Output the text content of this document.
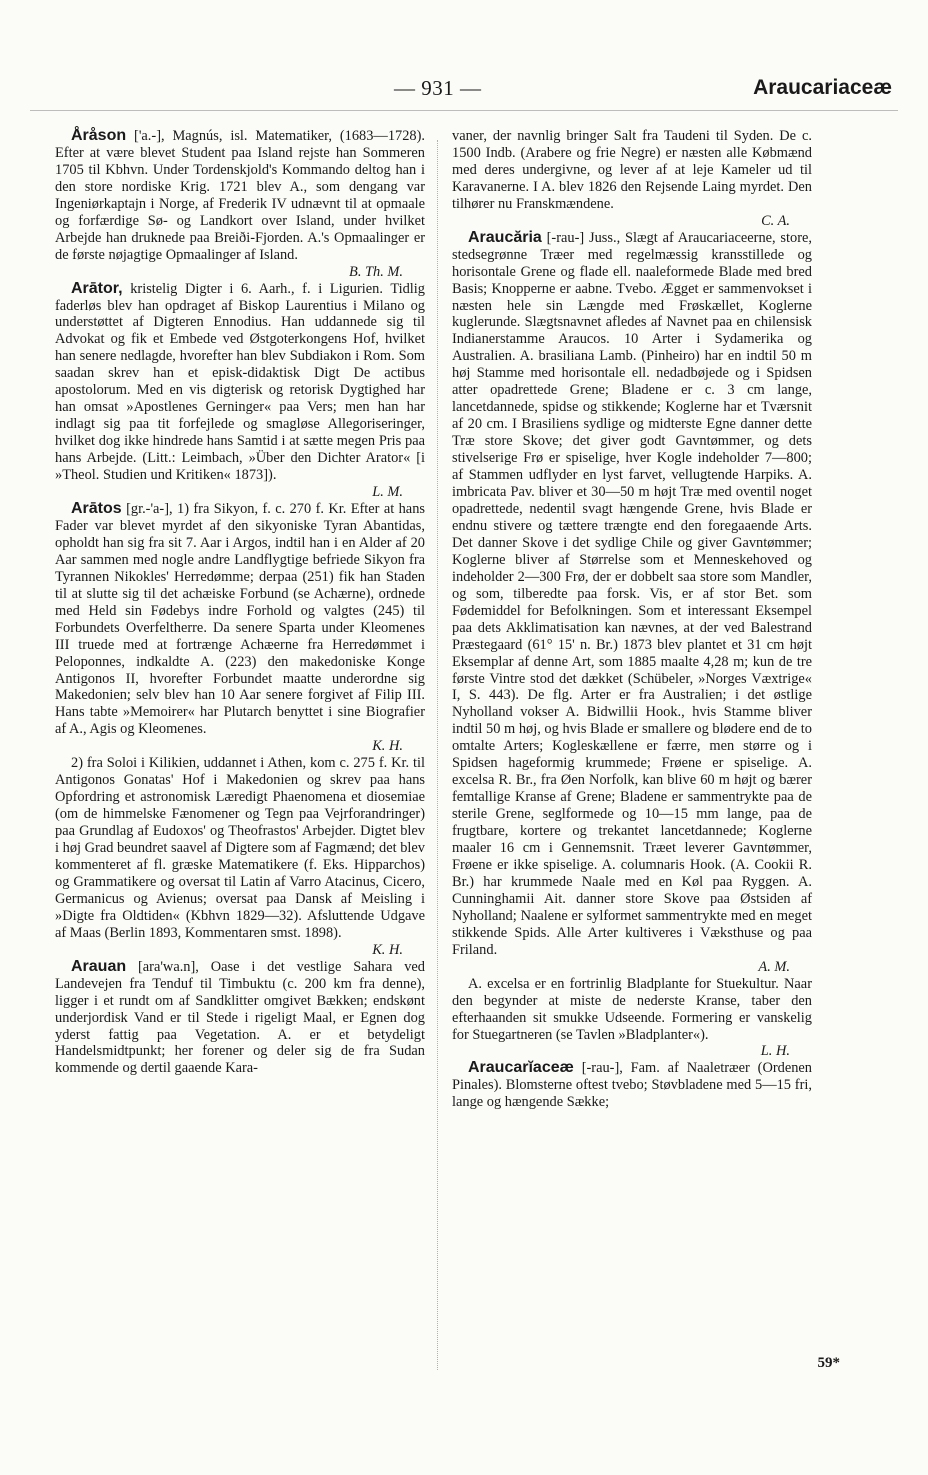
— 931 —	Araucariaceæ

Åråson ['a.-], Magnús, isl. Matematiker, (1683—1728). Efter at være blevet Student paa Island rejste han Sommeren 1705 til Kbhvn. Under Tordenskjold's Kommando deltog han i den store nordiske Krig. 1721 blev A., som dengang var Ingeniørkaptajn i Norge, af Frederik IV udnævnt til at opmaale og forfærdige Sø- og Landkort over Island, under hvilket Arbejde han druknede paa Breiði-Fjorden. A.'s Opmaalinger er de første nøjagtige Opmaalinger af Island.
B. Th. M.

Arātor, kristelig Digter i 6. Aarh., f. i Ligurien. Tidlig faderløs blev han opdraget af Biskop Laurentius i Milano og understøttet af Digteren Ennodius. Han uddannede sig til Advokat og fik et Embede ved Østgoterkongens Hof, hvilket han senere nedlagde, hvorefter han blev Subdiakon i Rom. Som saadan skrev han et episk-didaktisk Digt De actibus apostolorum. Med en vis digterisk og retorisk Dygtighed har han omsat »Apostlenes Gerninger« paa Vers; men han har indlagt sig paa tit forfejlede og smagløse Allegoriseringer, hvilket dog ikke hindrede hans Samtid i at sætte megen Pris paa hans Arbejde. (Litt.: Leimbach, »Über den Dichter Arator« [i »Theol. Studien und Kritiken« 1873]).
L. M.

Arātos [gr.-'a-], 1) fra Sikyon, f. c. 270 f. Kr. Efter at hans Fader var blevet myrdet af den sikyoniske Tyran Abantidas, opholdt han sig fra sit 7. Aar i Argos, indtil han i en Alder af 20 Aar sammen med nogle andre Landflygtige befriede Sikyon fra Tyrannen Nikokles' Herredømme; derpaa (251) fik han Staden til at slutte sig til det achæiske Forbund (se Achærne), ordnede med Held sin Fødebys indre Forhold og valgtes (245) til Forbundets Overfeltherre. Da senere Sparta under Kleomenes III truede med at fortrænge Achæerne fra Herredømmet i Peloponnes, indkaldte A. (223) den makedoniske Konge Antigonos II, hvorefter Forbundet maatte underordne sig Makedonien; selv blev han 10 Aar senere forgivet af Filip III. Hans tabte »Memoirer« har Plutarch benyttet i sine Biografier af A., Agis og Kleomenes.
K. H.

2) fra Soloi i Kilikien, uddannet i Athen, kom c. 275 f. Kr. til Antigonos Gonatas' Hof i Makedonien og skrev paa hans Opfordring et astronomisk Læredigt Phaenomena et diosemiae (om de himmelske Fænomener og Tegn paa Vejrforandringer) paa Grundlag af Eudoxos' og Theofrastos' Arbejder. Digtet blev i høj Grad beundret saavel af Digtere som af Fagmænd; det blev kommenteret af fl. græske Matematikere (f. Eks. Hipparchos) og Grammatikere og oversat til Latin af Varro Atacinus, Cicero, Germanicus og Avienus; oversat paa Dansk af Meisling i »Digte fra Oldtiden« (Kbhvn 1829—32). Afsluttende Udgave af Maas (Berlin 1893, Kommentaren smst. 1898).
K. H.

Arauan [ara'wa.n], Oase i det vestlige Sahara ved Landevejen fra Tenduf til Timbuktu (c. 200 km fra denne), ligger i et rundt om af Sandklitter omgivet Bækken; endskønt underjordisk Vand er til Stede i rigeligt Maal, er Egnen dog yderst fattig paa Vegetation. A. er et betydeligt Handelsmidtpunkt; her forener og deler sig de fra Sudan kommende og dertil gaaende Kara-

vaner, der navnlig bringer Salt fra Taudeni til Syden. De c. 1500 Indb. (Arabere og frie Negre) er næsten alle Købmænd med deres undergivne, og lever af at leje Kameler ud til Karavanerne. I A. blev 1826 den Rejsende Laing myrdet. Den tilhører nu Franskmændene.
C. A.

Araucăria [-rau-] Juss., Slægt af Araucariaceerne, store, stedsegrønne Træer med regelmæssig kransstillede og horisontale Grene og flade ell. naaleformede Blade med bred Basis; Knopperne er aabne. Tvebo. Ægget er sammenvokset i næsten hele sin Længde med Frøskællet, Koglerne kuglerunde. Slægtsnavnet afledes af Navnet paa en chilensisk Indianerstamme Araucos. 10 Arter i Sydamerika og Australien. A. brasiliana Lamb. (Pinheiro) har en indtil 50 m høj Stamme med horisontale ell. nedadbøjede og i Spidsen atter opadrettede Grene; Bladene er c. 3 cm lange, lancetdannede, spidse og stikkende; Koglerne har et Tværsnit af 20 cm. I Brasiliens sydlige og midterste Egne danner dette Træ store Skove; det giver godt Gavntømmer, og dets stivelserige Frø er spiselige, hver Kogle indeholder 7—800; af Stammen udflyder en lyst farvet, vellugtende Harpiks. A. imbricata Pav. bliver et 30—50 m højt Træ med oventil noget opadrettede, nedentil svagt hængende Grene, hvis Blade er endnu stivere og tættere trængte end den foregaaende Arts. Det danner Skove i det sydlige Chile og giver Gavntømmer; Koglerne bliver af Størrelse som et Menneskehoved og indeholder 2—300 Frø, der er dobbelt saa store som Mandler, og som, tilberedte paa forsk. Vis, er af stor Bet. som Fødemiddel for Befolkningen. Som et interessant Eksempel paa dets Akklimatisation kan nævnes, at der ved Balestrand Præstegaard (61° 15' n. Br.) 1873 blev plantet et 31 cm højt Eksemplar af denne Art, som 1885 maalte 4,28 m; kun de tre første Vintre stod det dækket (Schübeler, »Norges Væxtrige« I, S. 443). De flg. Arter er fra Australien; i det østlige Nyholland vokser A. Bidwillii Hook., hvis Stamme bliver indtil 50 m høj, og hvis Blade er smallere og blødere end de to omtalte Arters; Kogleskællene er færre, men større og i Spidsen hageformig krummede; Frøene er spiselige. A. excelsa R. Br., fra Øen Norfolk, kan blive 60 m højt og bærer femtallige Kranse af Grene; Bladene er sammentrykte paa de sterile Grene, seglformede og 10—15 mm lange, paa de frugtbare, kortere og trekantet lancetdannede; Koglerne maaler 16 cm i Gennemsnit. Træet leverer Gavntømmer, Frøene er ikke spiselige. A. columnaris Hook. (A. Cookii R. Br.) har krummede Naale med en Køl paa Ryggen. A. Cunninghamii Ait. danner store Skove paa Østsiden af Nyholland; Naalene er sylformet sammentrykte med en meget stikkende Spids. Alle Arter kultiveres i Væksthuse og paa Friland.
A. M.

A. excelsa er en fortrinlig Bladplante for Stuekultur. Naar den begynder at miste de nederste Kranse, taber den efterhaanden sit smukke Udseende. Formering er vanskelig for Stuegartneren (se Tavlen »Bladplanter«).
L. H.

Araucarĭaceæ [-rau-], Fam. af Naaletræer (Ordenen Pinales). Blomsterne oftest tvebo; Støvbladene med 5—15 fri, lange og hængende Sække;

59*
